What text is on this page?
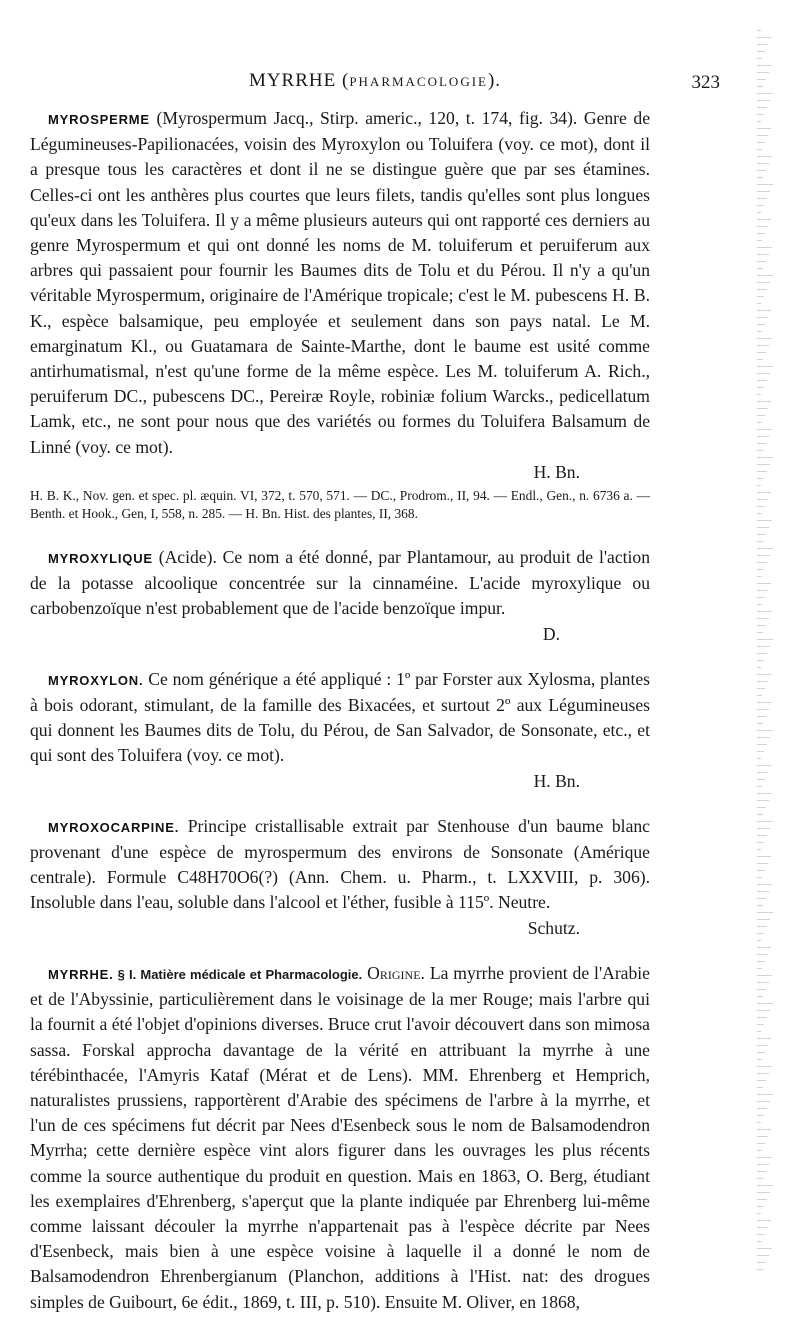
MYRRHE (PHARMACOLOGIE).	323

MYROSPERME (Myrospermum Jacq., Stirp. americ., 120, t. 174, fig. 34). Genre de Légumineuses-Papilionacées, voisin des Myroxylon ou Toluifera (voy. ce mot), dont il a presque tous les caractères et dont il ne se distingue guère que par ses étamines. Celles-ci ont les anthères plus courtes que leurs filets, tandis qu'elles sont plus longues qu'eux dans les Toluifera. Il y a même plusieurs auteurs qui ont rapporté ces derniers au genre Myrospermum et qui ont donné les noms de M. toluiferum et peruiferum aux arbres qui passaient pour fournir les Baumes dits de Tolu et du Pérou. Il n'y a qu'un véritable Myrospermum, originaire de l'Amérique tropicale; c'est le M. pubescens H. B. K., espèce balsamique, peu employée et seulement dans son pays natal. Le M. emarginatum Kl., ou Guatamara de Sainte-Marthe, dont le baume est usité comme antirhumatismal, n'est qu'une forme de la même espèce. Les M. toluiferum A. Rich., peruiferum DC., pubescens DC., Pereiræ Royle, robiniæ folium Warcks., pedicellatum Lamk, etc., ne sont pour nous que des variétés ou formes du Toluifera Balsamum de Linné (voy. ce mot).
H. Bn.

H. B. K., Nov. gen. et spec. pl. æquin. VI, 372, t. 570, 571. — DC., Prodrom., II, 94. — Endl., Gen., n. 6736 a. — Benth. et Hook., Gen, I, 558, n. 285. — H. Bn. Hist. des plantes, II, 368.

MYROXYLIQUE (Acide). Ce nom a été donné, par Plantamour, au produit de l'action de la potasse alcoolique concentrée sur la cinnaméine. L'acide myroxylique ou carbobenzoïque n'est probablement que de l'acide benzoïque impur.
D.

MYROXYLON. Ce nom générique a été appliqué : 1º par Forster aux Xylosma, plantes à bois odorant, stimulant, de la famille des Bixacées, et surtout 2º aux Légumineuses qui donnent les Baumes dits de Tolu, du Pérou, de San Salvador, de Sonsonate, etc., et qui sont des Toluifera (voy. ce mot).
H. Bn.

MYROXOCARPINE. Principe cristallisable extrait par Stenhouse d'un baume blanc provenant d'une espèce de myrospermum des environs de Sonsonate (Amérique centrale). Formule C48H70O6(?) (Ann. Chem. u. Pharm., t. LXXVIII, p. 306). Insoluble dans l'eau, soluble dans l'alcool et l'éther, fusible à 115º. Neutre.
Schutz.

MYRRHE. § I. Matière médicale et Pharmacologie. Origine. La myrrhe provient de l'Arabie et de l'Abyssinie, particulièrement dans le voisinage de la mer Rouge; mais l'arbre qui la fournit a été l'objet d'opinions diverses. Bruce crut l'avoir découvert dans son mimosa sassa. Forskal approcha davantage de la vérité en attribuant la myrrhe à une térébinthacée, l'Amyris Kataf (Mérat et de Lens). MM. Ehrenberg et Hemprich, naturalistes prussiens, rapportèrent d'Arabie des spécimens de l'arbre à la myrrhe, et l'un de ces spécimens fut décrit par Nees d'Esenbeck sous le nom de Balsamodendron Myrrha; cette dernière espèce vint alors figurer dans les ouvrages les plus récents comme la source authentique du produit en question. Mais en 1863, O. Berg, étudiant les exemplaires d'Ehrenberg, s'aperçut que la plante indiquée par Ehrenberg lui-même comme laissant découler la myrrhe n'appartenait pas à l'espèce décrite par Nees d'Esenbeck, mais bien à une espèce voisine à laquelle il a donné le nom de Balsamodendron Ehrenbergianum (Planchon, additions à l'Hist. nat: des drogues simples de Guibourt, 6e édit., 1869, t. III, p. 510). Ensuite M. Oliver, en 1868,
